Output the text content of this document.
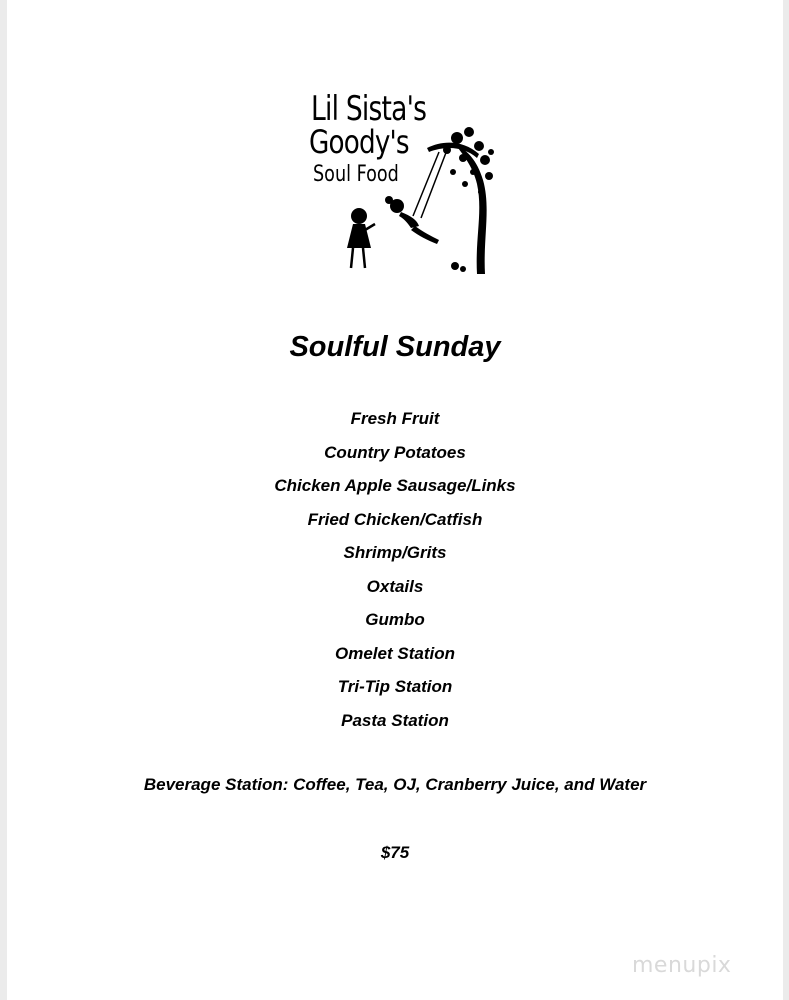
Lil Sista's
Goody's
Soul Food
Soulful Sunday
Fresh Fruit
Country Potatoes
Chicken Apple Sausage/Links
Fried Chicken/Catfish
Shrimp/Grits
Oxtails
Gumbo
Omelet Station
Tri-Tip Station
Pasta Station
Beverage Station: Coffee, Tea, OJ, Cranberry Juice, and Water
$75
menupix
